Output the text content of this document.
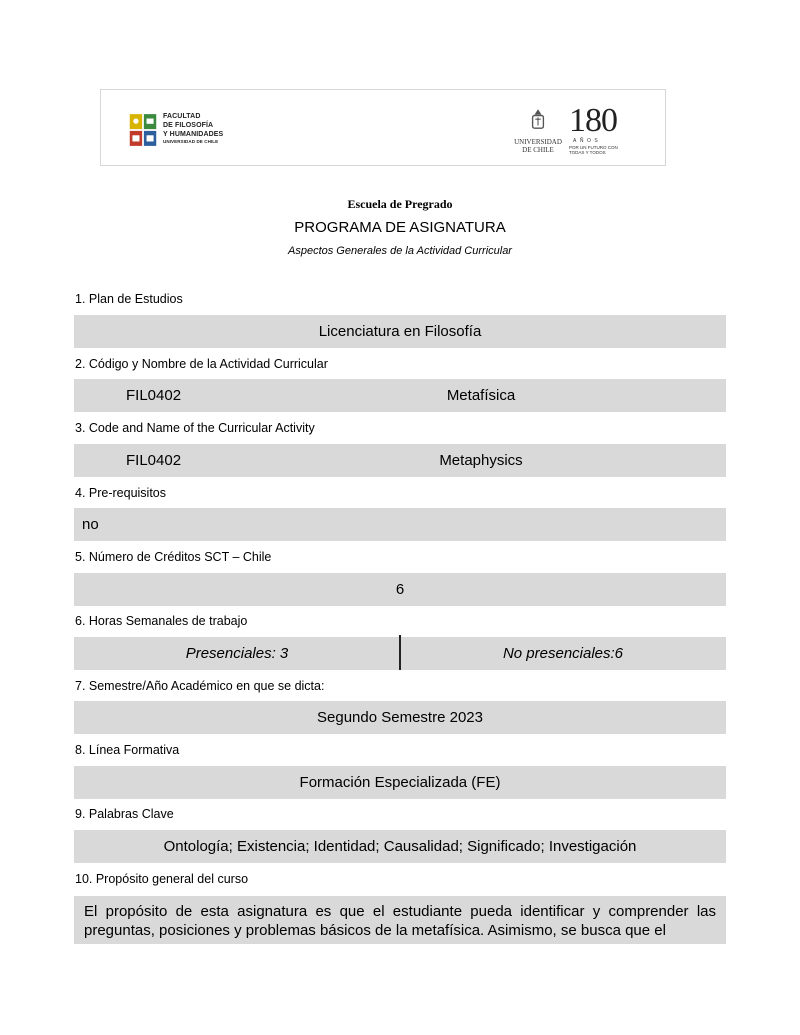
FACULTAD
DE FILOSOFÍA
Y HUMANIDADES
UNIVERSIDAD DE CHILE	UNIVERSIDAD
DE CHILE
180
AÑOS
POR UN FUTURO CON TODAS Y TODOS
Escuela de Pregrado
PROGRAMA DE ASIGNATURA
Aspectos Generales de la Actividad Curricular
1. Plan de Estudios
Licenciatura en Filosofía
2. Código y Nombre de la Actividad Curricular
FIL0402	Metafísica
3. Code and Name of the Curricular Activity
FIL0402	Metaphysics
4. Pre-requisitos
no
5. Número de Créditos SCT – Chile
6
6. Horas Semanales de trabajo
Presenciales: 3	No presenciales:6
7. Semestre/Año Académico en que se dicta:
Segundo Semestre 2023
8. Línea Formativa
Formación Especializada (FE)
9. Palabras Clave
Ontología; Existencia; Identidad; Causalidad; Significado; Investigación
10. Propósito general del curso

El propósito de esta asignatura es que el estudiante pueda identificar y comprender las preguntas, posiciones y problemas básicos de la metafísica. Asimismo, se busca que el
